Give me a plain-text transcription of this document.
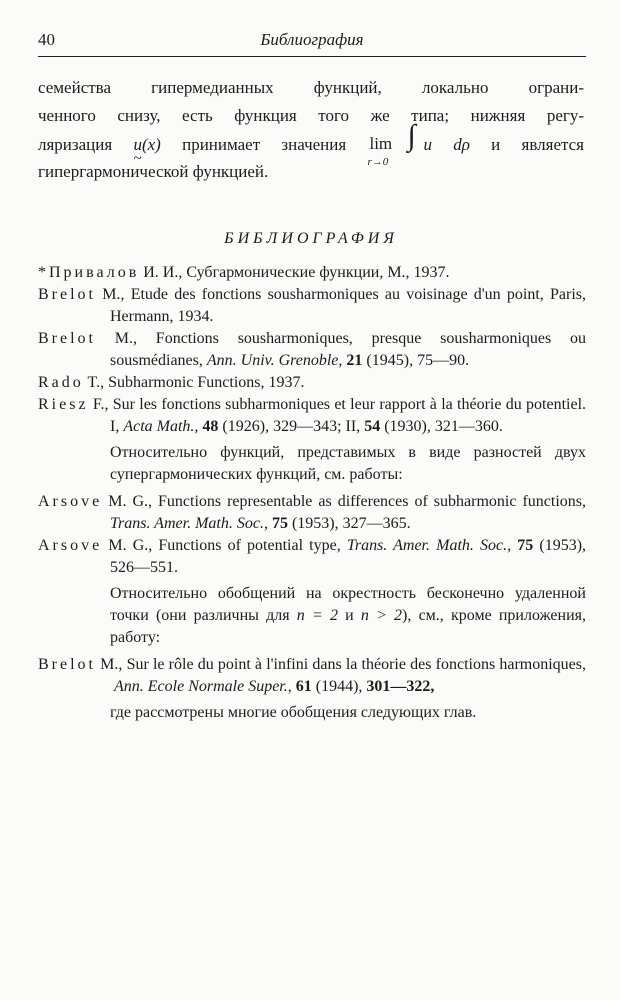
40	Библиография
семейства гипермедианных функций, локально ограни-
ченного снизу, есть функция того же типа; нижняя регу-
ляризация u ~(x) принимает значения lim
r→0
∫u dρ и является
гипергармонической функцией.
БИБЛИОГРАФИЯ
*Привалов И. И., Субгармонические функции, М., 1937.
Brelot M., Etude des fonctions sousharmoniques au voisinage d'un point, Paris, Hermann, 1934.
Brelot M., Fonctions sousharmoniques, presque sousharmoniques ou sousmédianes, Ann. Univ. Grenoble, 21 (1945), 75—90.
Rado T., Subharmonic Functions, 1937.
Riesz F., Sur les fonctions subharmoniques et leur rapport à la théorie du potentiel. I, Acta Math., 48 (1926), 329—343; II, 54 (1930), 321—360.
Относительно функций, представимых в виде разностей двух супергармонических функций, см. работы:
Arsove M. G., Functions representable as differences of subharmonic functions, Trans. Amer. Math. Soc., 75 (1953), 327—365.
Arsove M. G., Functions of potential type, Trans. Amer. Math. Soc., 75 (1953), 526—551.
Относительно обобщений на окрестность бесконечно удаленной точки (они различны для n = 2 и n > 2), см., кроме приложения, работу:
Brelot M., Sur le rôle du point à l'infini dans la théorie des fonctions harmoniques, Ann. Ecole Normale Super., 61 (1944), 301—322,
где рассмотрены многие обобщения следующих глав.
